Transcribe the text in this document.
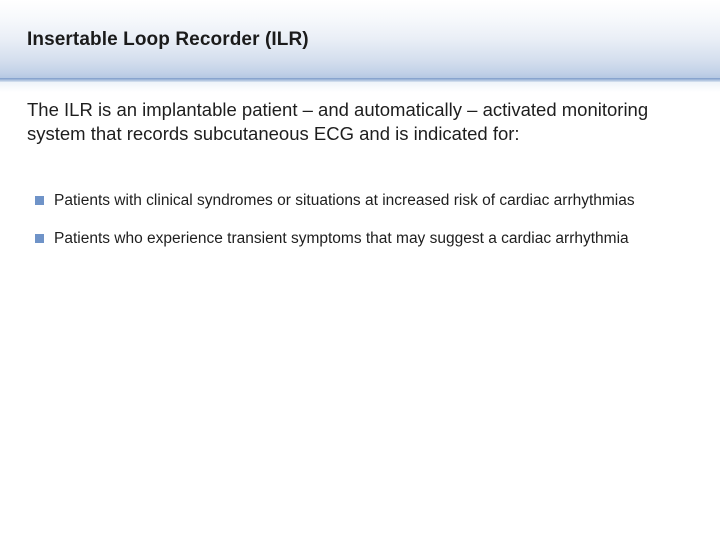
Insertable Loop Recorder (ILR)

The ILR is an implantable patient – and automatically – activated monitoring system that records subcutaneous ECG and is indicated for:

Patients with clinical syndromes or situations at increased risk of cardiac arrhythmias
Patients who experience transient symptoms that may suggest a cardiac arrhythmia
